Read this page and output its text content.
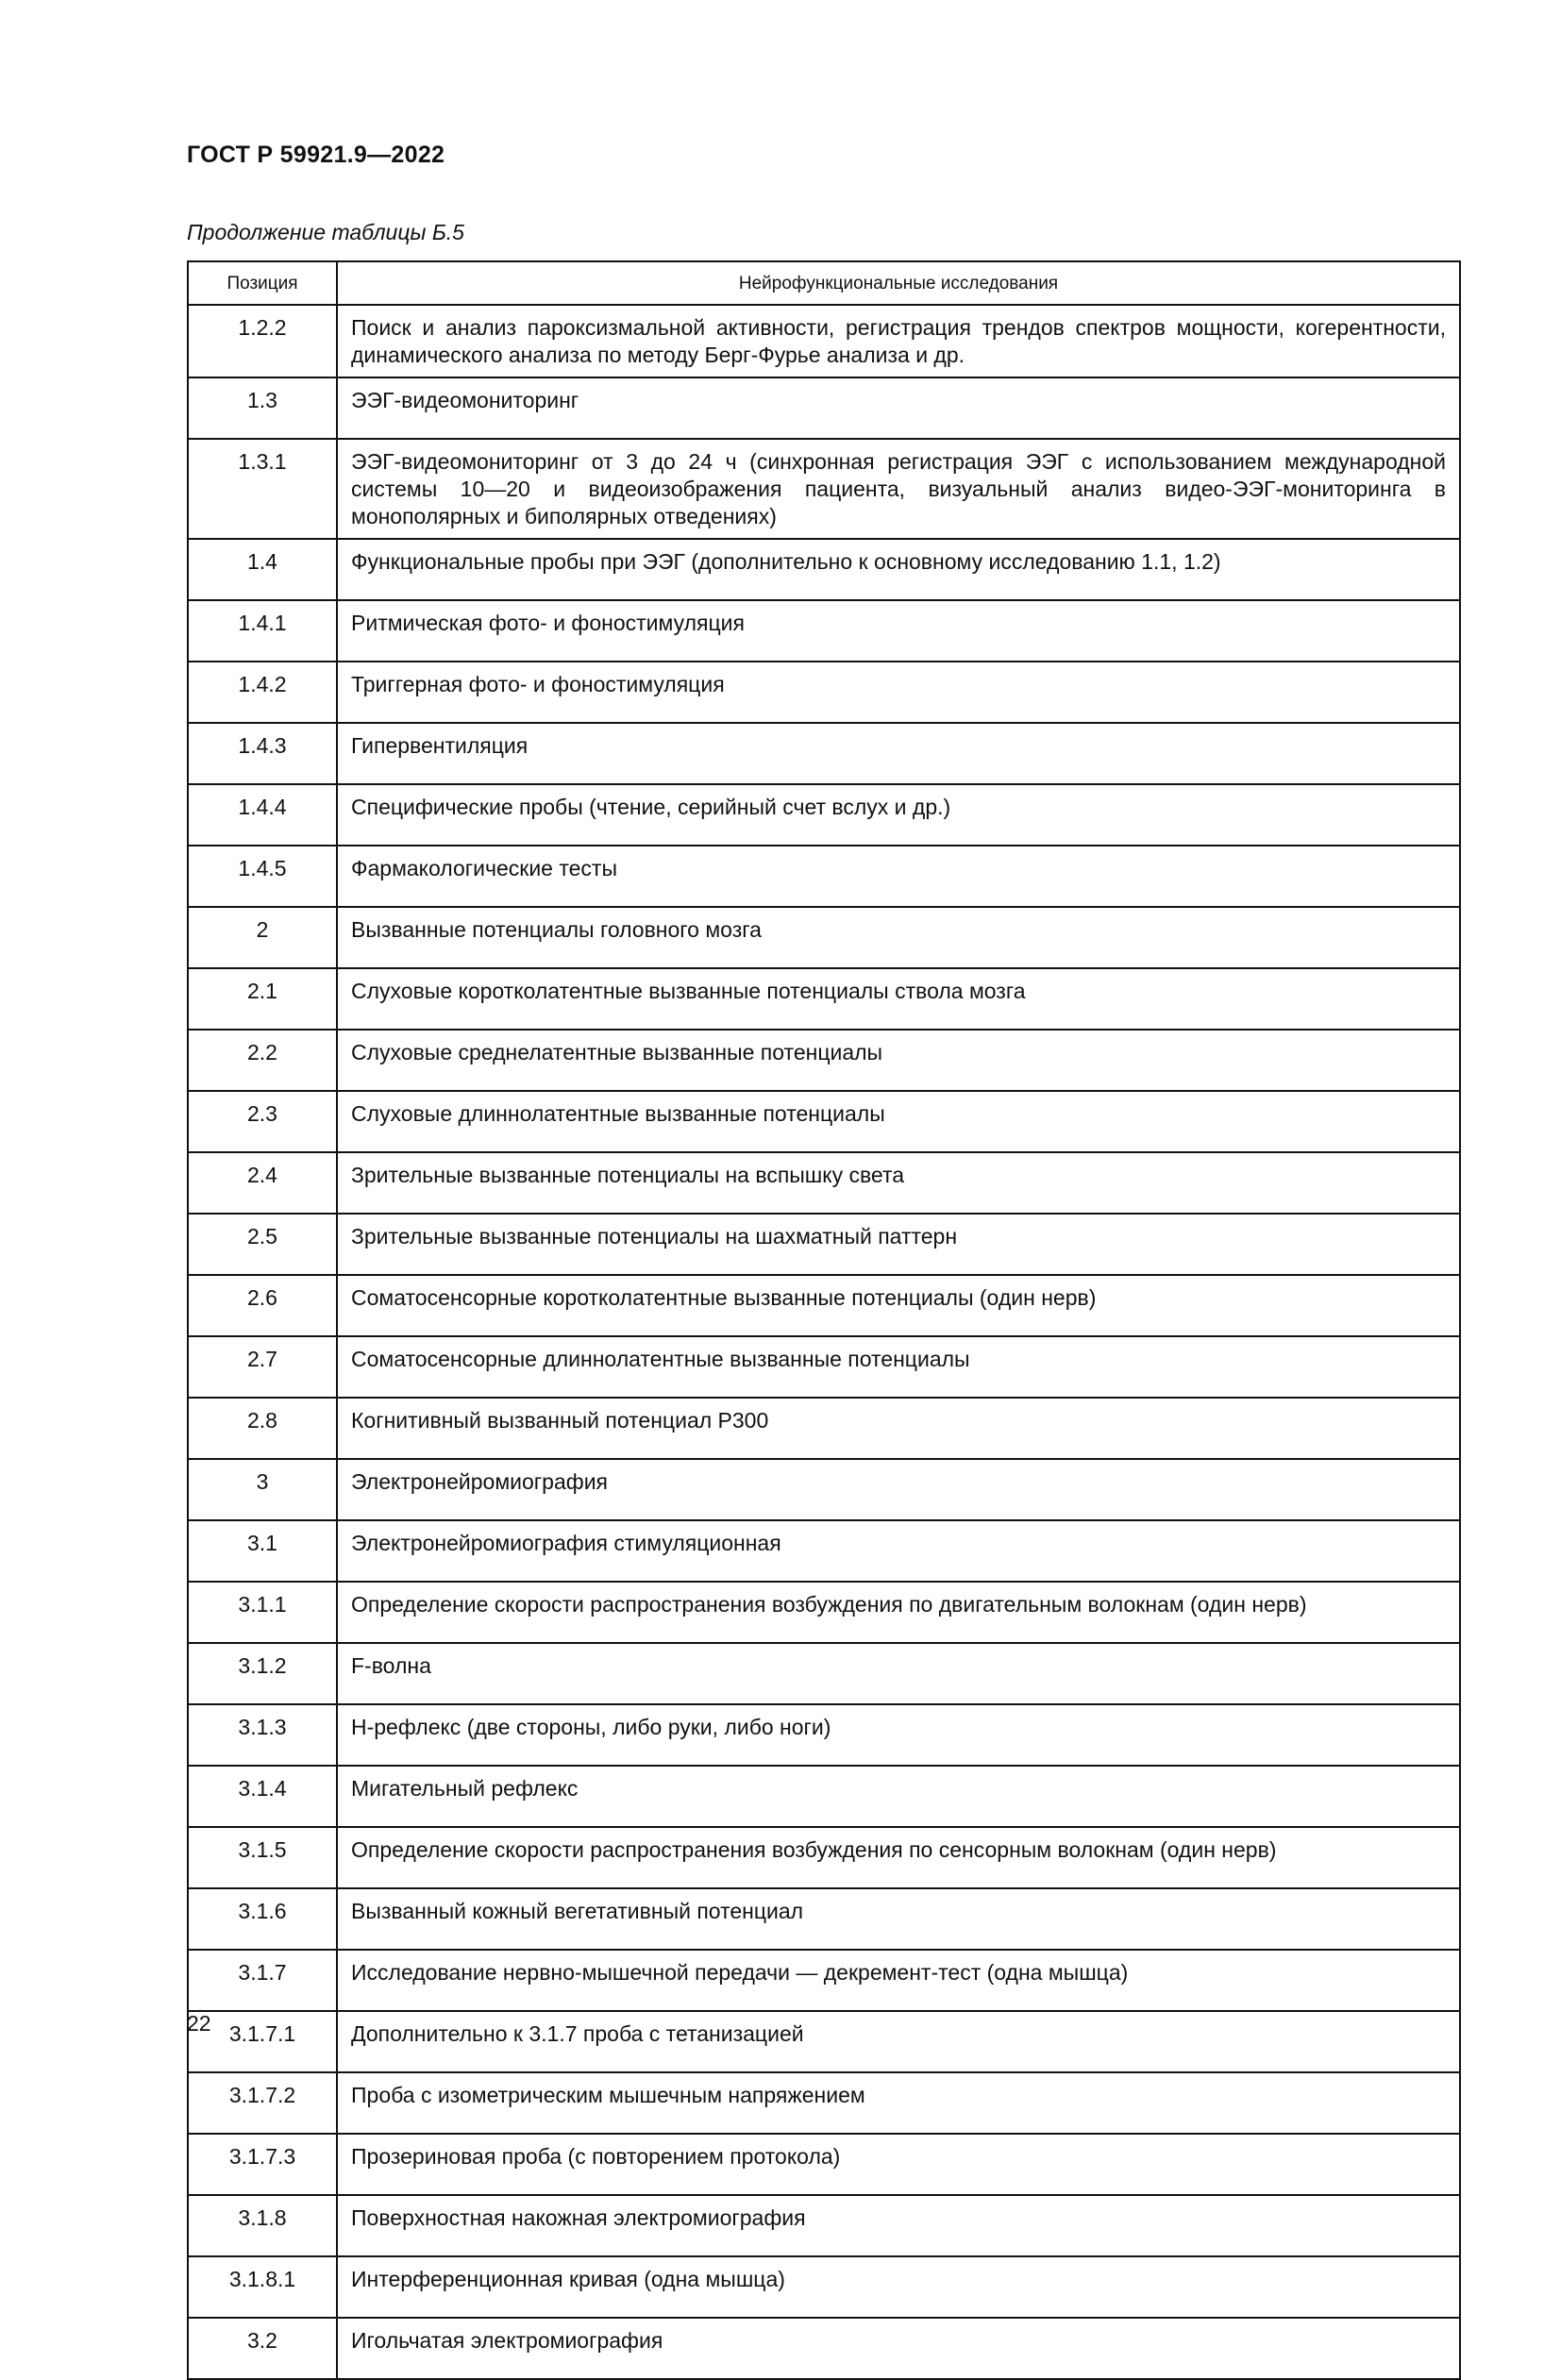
ГОСТ Р 59921.9—2022
Продолжение таблицы Б.5
Позиция	Нейрофункциональные исследования
1.2.2	Поиск и анализ пароксизмальной активности, регистрация трендов спектров мощности, когерентности, динамического анализа по методу Берг-Фурье анализа и др.
1.3	ЭЭГ-видеомониторинг
1.3.1	ЭЭГ-видеомониторинг от 3 до 24 ч (синхронная регистрация ЭЭГ с использованием международной системы 10—20 и видеоизображения пациента, визуальный анализ видео-ЭЭГ-мониторинга в монополярных и биполярных отведениях)
1.4	Функциональные пробы при ЭЭГ (дополнительно к основному исследованию 1.1, 1.2)
1.4.1	Ритмическая фото- и фоностимуляция
1.4.2	Триггерная фото- и фоностимуляция
1.4.3	Гипервентиляция
1.4.4	Специфические пробы (чтение, серийный счет вслух и др.)
1.4.5	Фармакологические тесты
2	Вызванные потенциалы головного мозга
2.1	Слуховые коротколатентные вызванные потенциалы ствола мозга
2.2	Слуховые среднелатентные вызванные потенциалы
2.3	Слуховые длиннолатентные вызванные потенциалы
2.4	Зрительные вызванные потенциалы на вспышку света
2.5	Зрительные вызванные потенциалы на шахматный паттерн
2.6	Соматосенсорные коротколатентные вызванные потенциалы (один нерв)
2.7	Соматосенсорные длиннолатентные вызванные потенциалы
2.8	Когнитивный вызванный потенциал Р300
3	Электронейромиография
3.1	Электронейромиография стимуляционная
3.1.1	Определение скорости распространения возбуждения по двигательным волокнам (один нерв)
3.1.2	F-волна
3.1.3	Н-рефлекс (две стороны, либо руки, либо ноги)
3.1.4	Мигательный рефлекс
3.1.5	Определение скорости распространения возбуждения по сенсорным волокнам (один нерв)
3.1.6	Вызванный кожный вегетативный потенциал
3.1.7	Исследование нервно-мышечной передачи — декремент-тест (одна мышца)
3.1.7.1	Дополнительно к 3.1.7 проба с тетанизацией
3.1.7.2	Проба с изометрическим мышечным напряжением
3.1.7.3	Прозериновая проба (с повторением протокола)
3.1.8	Поверхностная накожная электромиография
3.1.8.1	Интерференционная кривая (одна мышца)
3.2	Игольчатая электромиография
22
